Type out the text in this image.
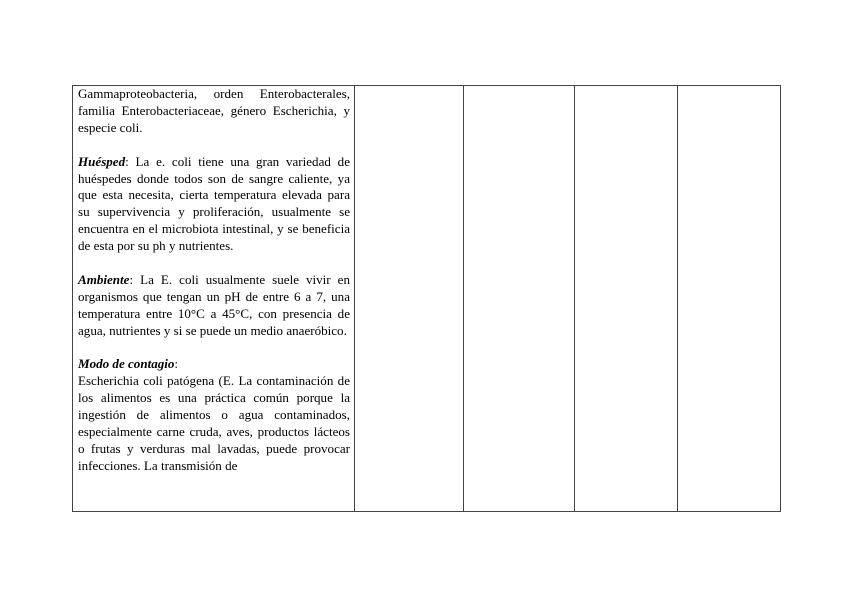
Gammaproteobacteria, orden Enterobacterales, familia Enterobacteriaceae, género Escherichia, y especie coli.

Huésped: La e. coli tiene una gran variedad de huéspedes donde todos son de sangre caliente, ya que esta necesita, cierta temperatura elevada para su supervivencia y proliferación, usualmente se encuentra en el microbiota intestinal, y se beneficia de esta por su ph y nutrientes.

Ambiente: La E. coli usualmente suele vivir en organismos que tengan un pH de entre 6 a 7, una temperatura entre 10°C a 45°C, con presencia de agua, nutrientes y si se puede un medio anaeróbico.

Modo de contagio:

Escherichia coli patógena (E. La contaminación de los alimentos es una práctica común porque la ingestión de alimentos o agua contaminados, especialmente carne cruda, aves, productos lácteos o frutas y verduras mal lavadas, puede provocar infecciones. La transmisión de
